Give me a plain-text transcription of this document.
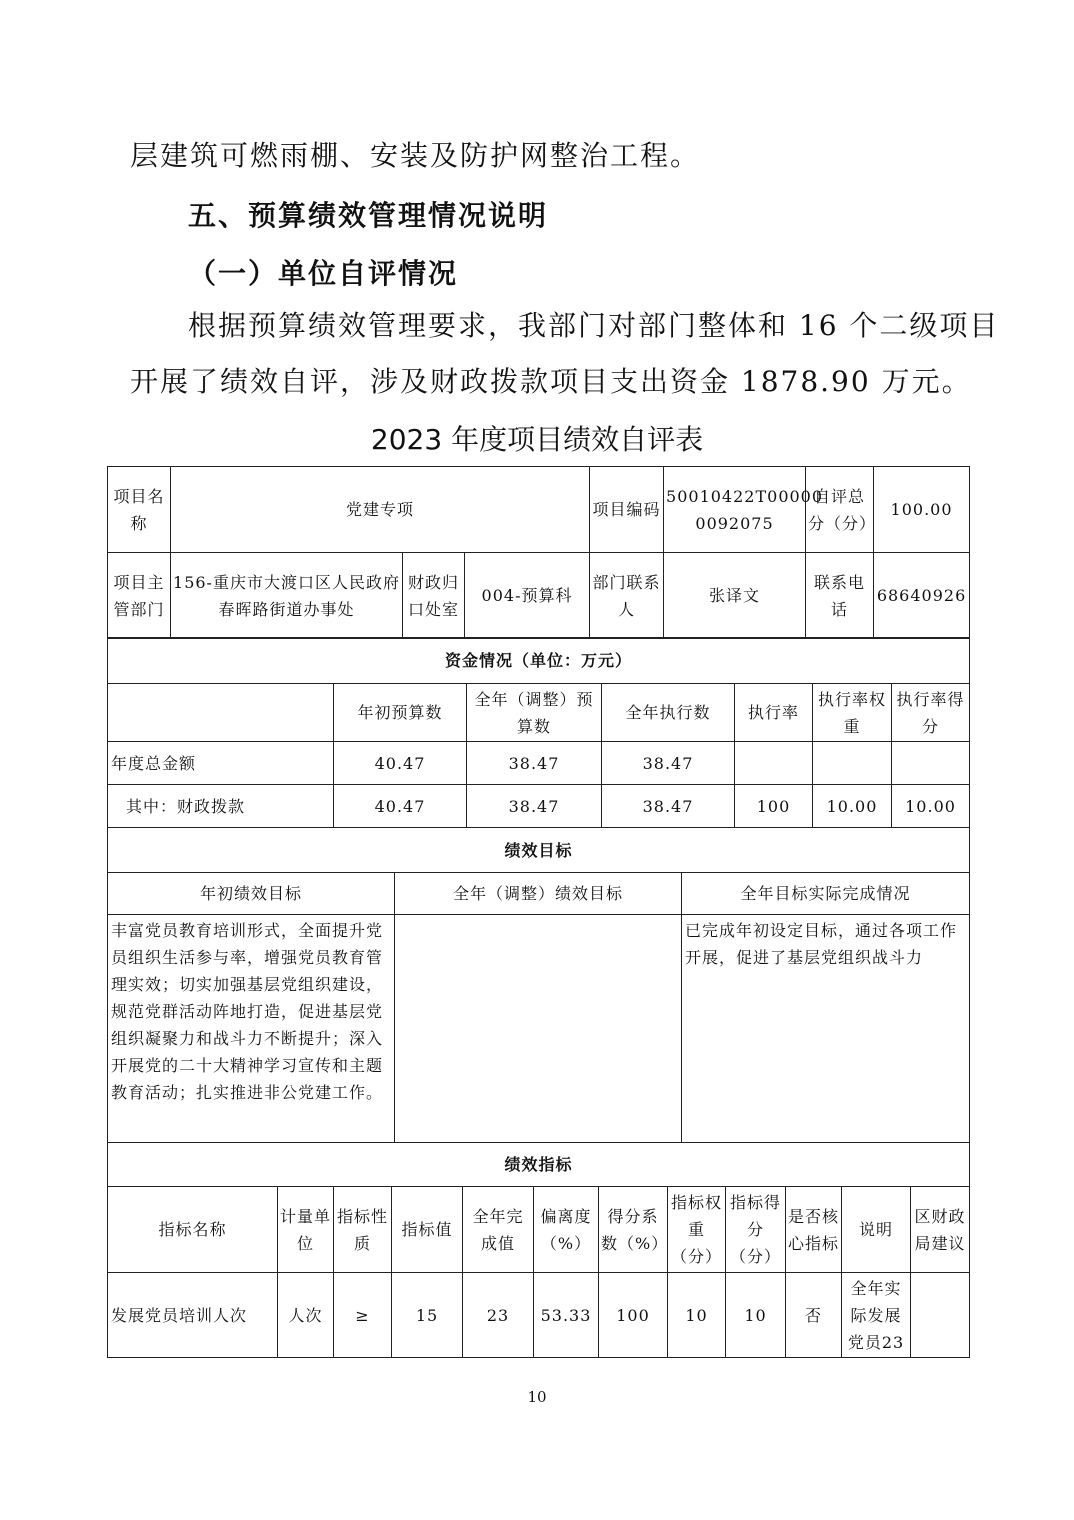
层建筑可燃雨棚、安装及防护网整治工程。
五、预算绩效管理情况说明
（一）单位自评情况
根据预算绩效管理要求，我部门对部门整体和 16 个二级项目
开展了绩效自评，涉及财政拨款项目支出资金 1878.90 万元。
2023 年度项目绩效自评表
项目名称	党建专项			项目编码	50010422T00000 0092075	自评总分（分）	100.00
项目主管部门	156-重庆市大渡口区人民政府春晖路街道办事处	财政归口处室	004-预算科	部门联系人	张译文	联系电话	68640926
资金情况（单位：万元）						
	年初预算数	全年（调整）预算数	全年执行数	执行率	执行率权重	执行率得分
年度总金额	40.47	38.47	38.47			
其中：财政拨款	40.47	38.47	38.47	100	10.00	10.00
绩效目标		
年初绩效目标	全年（调整）绩效目标	全年目标实际完成情况
丰富党员教育培训形式，全面提升党员组织生活参与率，增强党员教育管理实效；切实加强基层党组织建设，规范党群活动阵地打造，促进基层党组织凝聚力和战斗力不断提升；深入开展党的二十大精神学习宣传和主题教育活动；扎实推进非公党建工作。		已完成年初设定目标，通过各项工作开展，促进了基层党组织战斗力
绩效指标											
指标名称	计量单位	指标性质	指标值	全年完成值	偏离度（%）	得分系数（%）	指标权重（分）	指标得分（分）	是否核心指标	说明	区财政局建议
发展党员培训人次	人次	≥	15	23	53.33	100	10	10	否	全年实际发展党员23	
10
